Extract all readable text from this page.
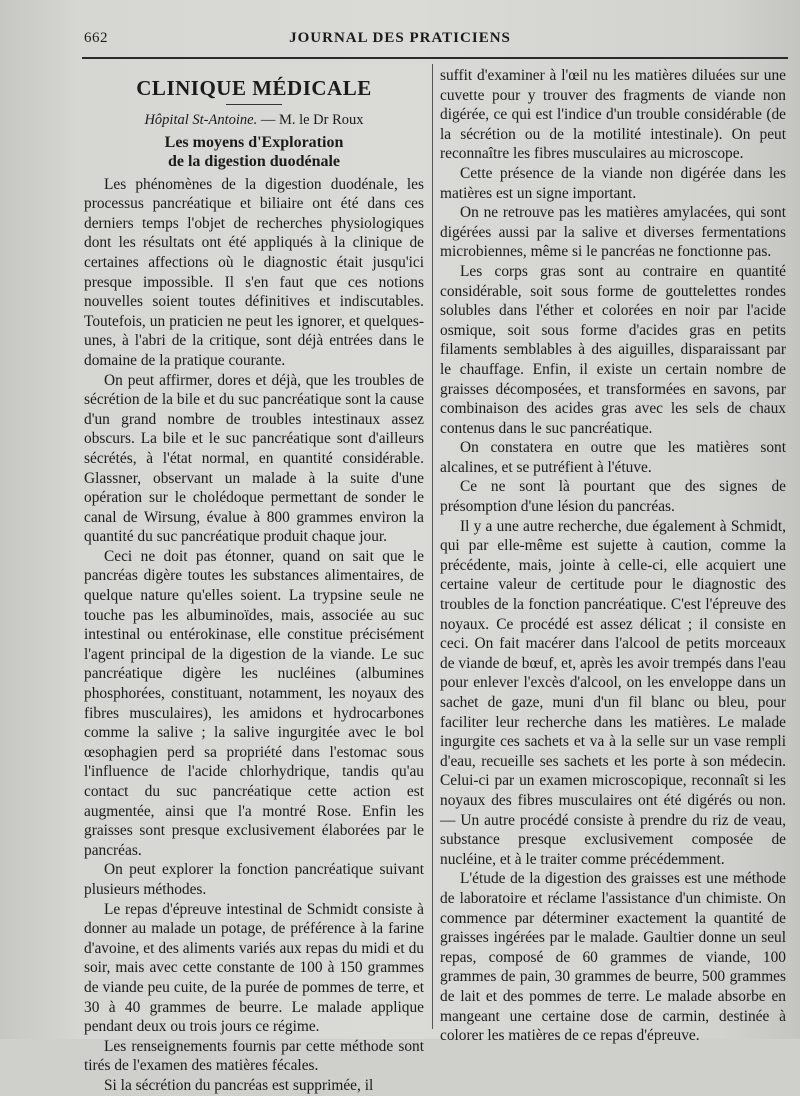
662	JOURNAL DES PRATICIENS
CLINIQUE MÉDICALE
Hôpital St-Antoine. — M. le Dr Roux
Les moyens d'Exploration
de la digestion duodénale

Les phénomènes de la digestion duodénale, les processus pancréatique et biliaire ont été dans ces derniers temps l'objet de recherches physiologiques dont les résultats ont été appliqués à la clinique de certaines affections où le diagnostic était jusqu'ici presque impossible. Il s'en faut que ces notions nouvelles soient toutes définitives et indiscutables. Toutefois, un praticien ne peut les ignorer, et quelques-unes, à l'abri de la critique, sont déjà entrées dans le domaine de la pratique courante.

On peut affirmer, dores et déjà, que les troubles de sécrétion de la bile et du suc pancréatique sont la cause d'un grand nombre de troubles intestinaux assez obscurs. La bile et le suc pancréatique sont d'ailleurs sécrétés, à l'état normal, en quantité considérable. Glassner, observant un malade à la suite d'une opération sur le cholédoque permettant de sonder le canal de Wirsung, évalue à 800 grammes environ la quantité du suc pancréatique produit chaque jour.

Ceci ne doit pas étonner, quand on sait que le pancréas digère toutes les substances alimentaires, de quelque nature qu'elles soient. La trypsine seule ne touche pas les albuminoïdes, mais, associée au suc intestinal ou entérokinase, elle constitue précisément l'agent principal de la digestion de la viande. Le suc pancréatique digère les nucléines (albumines phosphorées, constituant, notamment, les noyaux des fibres musculaires), les amidons et hydrocarbones comme la salive ; la salive ingurgitée avec le bol œsophagien perd sa propriété dans l'estomac sous l'influence de l'acide chlorhydrique, tandis qu'au contact du suc pancréatique cette action est augmentée, ainsi que l'a montré Rose. Enfin les graisses sont presque exclusivement élaborées par le pancréas.

On peut explorer la fonction pancréatique suivant plusieurs méthodes.

Le repas d'épreuve intestinal de Schmidt consiste à donner au malade un potage, de préférence à la farine d'avoine, et des aliments variés aux repas du midi et du soir, mais avec cette constante de 100 à 150 grammes de viande peu cuite, de la purée de pommes de terre, et 30 à 40 grammes de beurre. Le malade applique pendant deux ou trois jours ce régime.

Les renseignements fournis par cette méthode sont tirés de l'examen des matières fécales.

Si la sécrétion du pancréas est supprimée, il

suffit d'examiner à l'œil nu les matières diluées sur une cuvette pour y trouver des fragments de viande non digérée, ce qui est l'indice d'un trouble considérable (de la sécrétion ou de la motilité intestinale). On peut reconnaître les fibres musculaires au microscope.

Cette présence de la viande non digérée dans les matières est un signe important.

On ne retrouve pas les matières amylacées, qui sont digérées aussi par la salive et diverses fermentations microbiennes, même si le pancréas ne fonctionne pas.

Les corps gras sont au contraire en quantité considérable, soit sous forme de gouttelettes rondes solubles dans l'éther et colorées en noir par l'acide osmique, soit sous forme d'acides gras en petits filaments semblables à des aiguilles, disparaissant par le chauffage. Enfin, il existe un certain nombre de graisses décomposées, et transformées en savons, par combinaison des acides gras avec les sels de chaux contenus dans le suc pancréatique.

On constatera en outre que les matières sont alcalines, et se putréfient à l'étuve.

Ce ne sont là pourtant que des signes de présomption d'une lésion du pancréas.

Il y a une autre recherche, due également à Schmidt, qui par elle-même est sujette à caution, comme la précédente, mais, jointe à celle-ci, elle acquiert une certaine valeur de certitude pour le diagnostic des troubles de la fonction pancréatique. C'est l'épreuve des noyaux. Ce procédé est assez délicat ; il consiste en ceci. On fait macérer dans l'alcool de petits morceaux de viande de bœuf, et, après les avoir trempés dans l'eau pour enlever l'excès d'alcool, on les enveloppe dans un sachet de gaze, muni d'un fil blanc ou bleu, pour faciliter leur recherche dans les matières. Le malade ingurgite ces sachets et va à la selle sur un vase rempli d'eau, recueille ses sachets et les porte à son médecin. Celui-ci par un examen microscopique, reconnaît si les noyaux des fibres musculaires ont été digérés ou non. — Un autre procédé consiste à prendre du riz de veau, substance presque exclusivement composée de nucléine, et à le traiter comme précédemment.

L'étude de la digestion des graisses est une méthode de laboratoire et réclame l'assistance d'un chimiste. On commence par déterminer exactement la quantité de graisses ingérées par le malade. Gaultier donne un seul repas, composé de 60 grammes de viande, 100 grammes de pain, 30 grammes de beurre, 500 grammes de lait et des pommes de terre. Le malade absorbe en mangeant une certaine dose de carmin, destinée à colorer les matières de ce repas d'épreuve.
